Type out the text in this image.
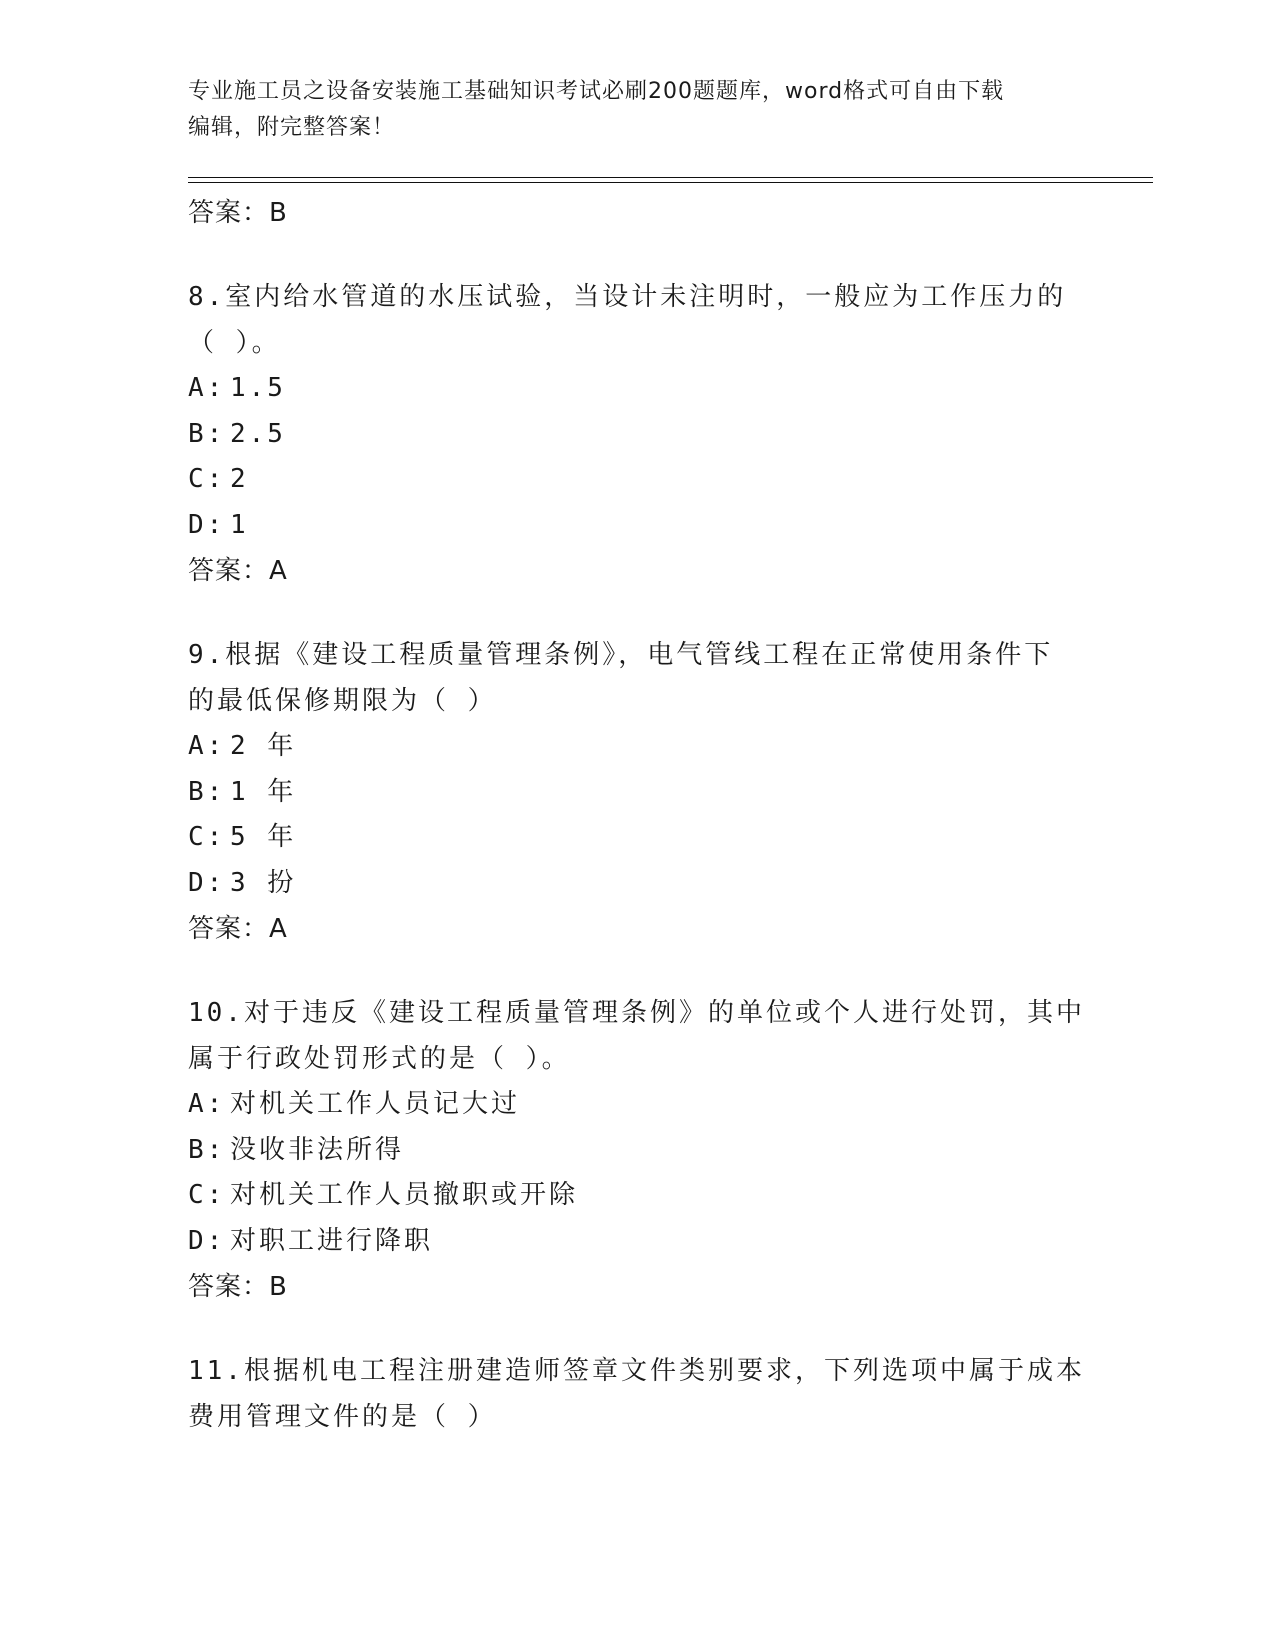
专业施工员之设备安装施工基础知识考试必刷200题题库，word格式可自由下载
编辑，附完整答案！
答案：B
8.室内给水管道的水压试验，当设计未注明时，一般应为工作压力的
（ ）。
A: 1.5
B: 2.5
C: 2
D: 1
答案：A
9.根据《建设工程质量管理条例》，电气管线工程在正常使用条件下
的最低保修期限为（ ）
A: 2 年
B: 1 年
C: 5 年
D: 3 扮
答案：A
10.对于违反《建设工程质量管理条例》的单位或个人进行处罚，其中
属于行政处罚形式的是（ ）。
A: 对机关工作人员记大过
B: 没收非法所得
C: 对机关工作人员撤职或开除
D: 对职工进行降职
答案：B
11.根据机电工程注册建造师签章文件类别要求，下列选项中属于成本
费用管理文件的是（ ）
